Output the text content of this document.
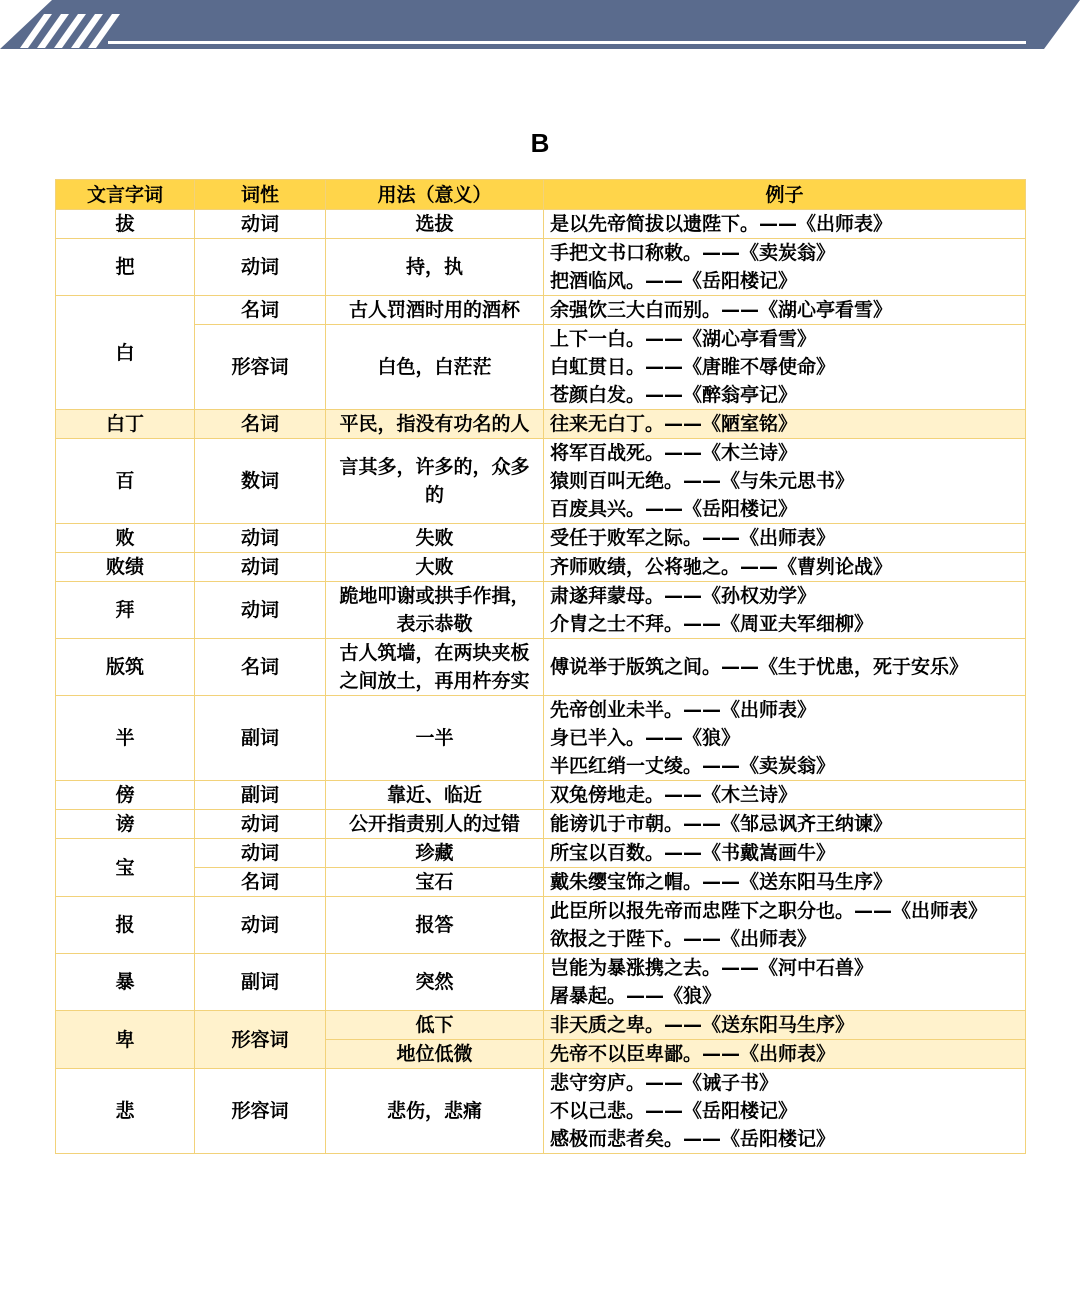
B
文言字词	词性	用法（意义）	例子
拔	动词	选拔	是以先帝简拔以遗陛下。——《出师表》

把	动词	持，执	手把文书口称敕。——《卖炭翁》
把酒临风。——《岳阳楼记》

白	名词	古人罚酒时用的酒杯	余强饮三大白而别。——《湖心亭看雪》

	形容词	白色，白茫茫	上下一白。——《湖心亭看雪》
白虹贯日。——《唐睢不辱使命》
苍颜白发。——《醉翁亭记》

白丁	名词	平民，指没有功名的人	往来无白丁。——《陋室铭》

百	数词	言其多，许多的，众多的	将军百战死。——《木兰诗》
猿则百叫无绝。——《与朱元思书》
百废具兴。——《岳阳楼记》

败	动词	失败	受任于败军之际。——《出师表》

败绩	动词	大败	齐师败绩，公将驰之。——《曹刿论战》

拜	动词	跪地叩谢或拱手作揖，表示恭敬	肃遂拜蒙母。——《孙权劝学》
介胄之士不拜。——《周亚夫军细柳》

版筑	名词	古人筑墙，在两块夹板之间放土，再用杵夯实	傅说举于版筑之间。——《生于忧患，死于安乐》

半	副词	一半	先帝创业未半。——《出师表》
身已半入。——《狼》
半匹红绡一丈绫。——《卖炭翁》

傍	副词	靠近、临近	双兔傍地走。——《木兰诗》

谤	动词	公开指责别人的过错	能谤讥于市朝。——《邹忌讽齐王纳谏》

宝	动词	珍藏	所宝以百数。——《书戴嵩画牛》

	名词	宝石	戴朱缨宝饰之帽。——《送东阳马生序》

报	动词	报答	此臣所以报先帝而忠陛下之职分也。——《出师表》
欲报之于陛下。——《出师表》

暴	副词	突然	岂能为暴涨携之去。——《河中石兽》
屠暴起。——《狼》

卑	形容词	低下	非天质之卑。——《送东阳马生序》

		地位低微	先帝不以臣卑鄙。——《出师表》

悲	形容词	悲伤，悲痛	悲守穷庐。——《诫子书》
不以己悲。——《岳阳楼记》
感极而悲者矣。——《岳阳楼记》
